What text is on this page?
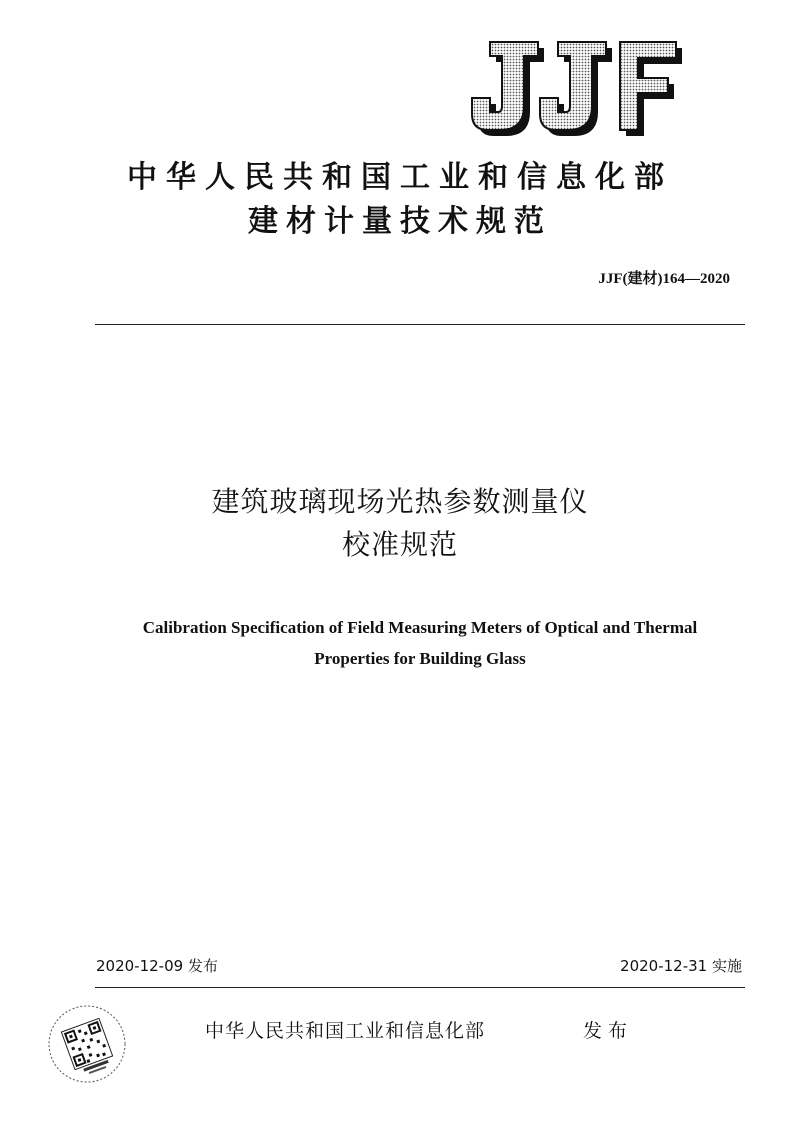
中华人民共和国工业和信息化部
建材计量技术规范
JJF(建材)164—2020
建筑玻璃现场光热参数测量仪
校准规范
Calibration Specification of Field Measuring Meters of Optical and Thermal
Properties for Building Glass
2020-12-09 发布	2020-12-31 实施
中华人民共和国工业和信息化部	发布
